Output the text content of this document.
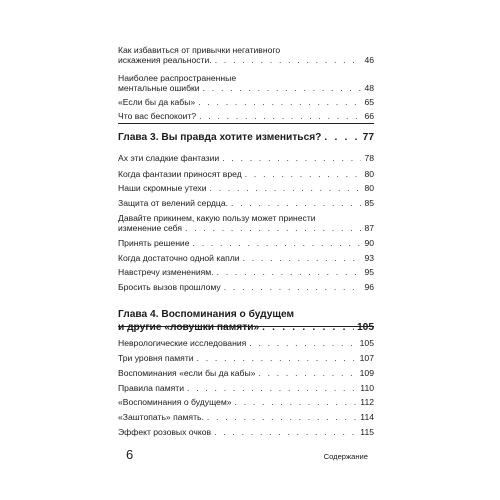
Как избавиться от привычки негативного
искажения реальности. . . .	46
Наиболее распространенные
ментальные ошибки . . .	48
«Если бы да кабы» . . .	65
Что вас беспокоит? . . .	66
Глава 3. Вы правда хотите измениться? . . .	77
Ах эти сладкие фантазии . . .	78
Когда фантазии приносят вред . . .	80
Наши скромные утехи . . .	80
Защита от велений сердца. . . .	85
Давайте прикинем, какую пользу может принести
изменение себя . . .	87
Принять решение . . .	90
Когда достаточно одной капли . . .	93
Навстречу изменениям. . . .	95
Бросить вызов прошлому . . .	96
Глава 4. Воспоминания о будущем
и другие «ловушки памяти» . . .	105
Неврологические исследования . . .	105
Три уровня памяти . . .	107
Воспоминания «если бы да кабы» . . .	109
Правила памяти . . .	110
«Воспоминания о будущем» . . .	112
«Заштопать» память. . . .	114
Эффект розовых очков . . .	115
6	Содержание
